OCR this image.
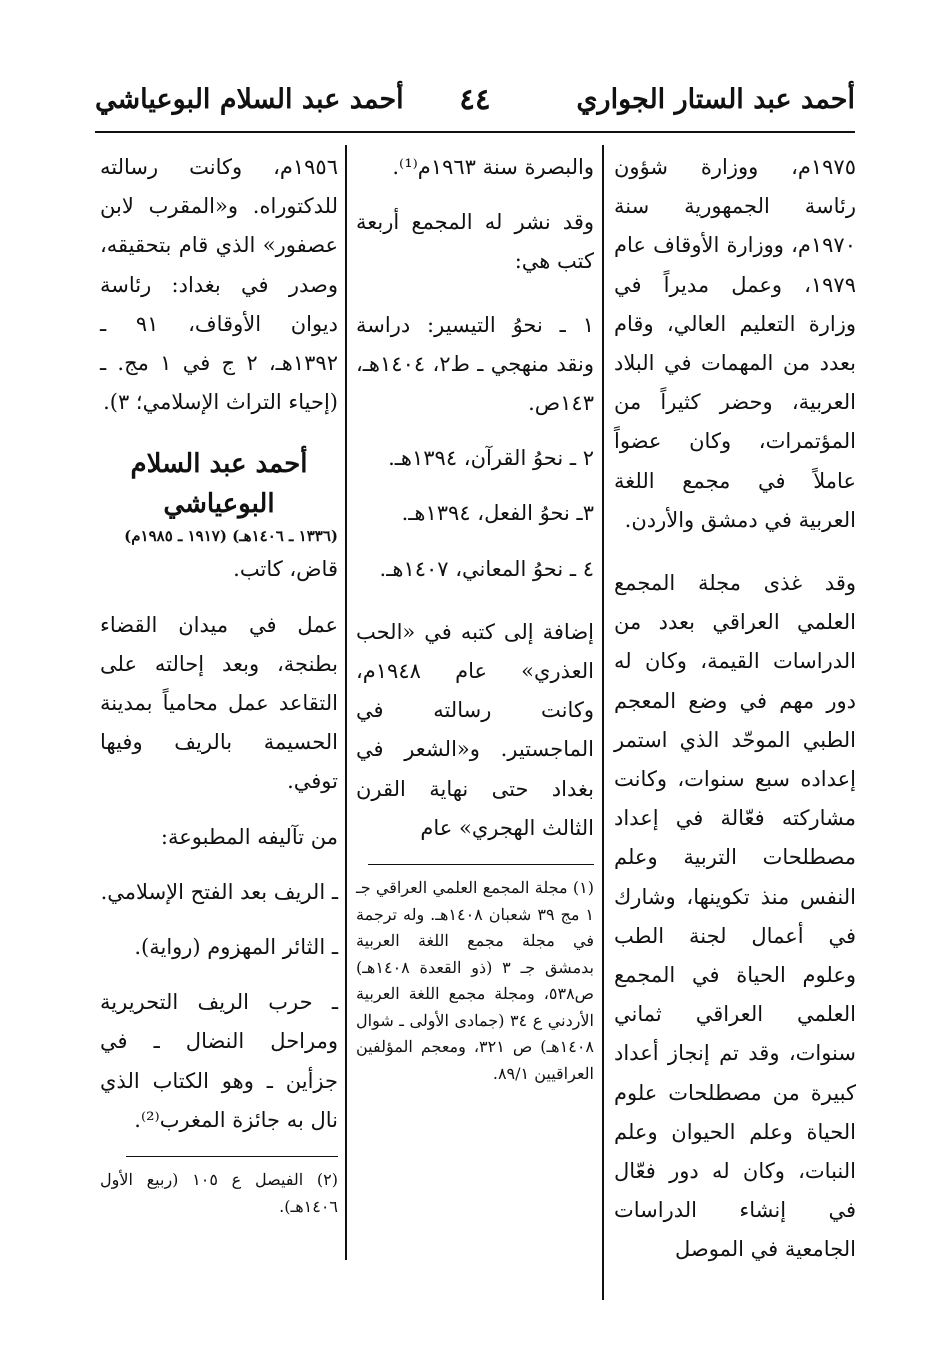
أحمد عبد الستار الجواري
٤٤
أحمد عبد السلام البوعياشي

١٩٧٥م، ووزارة شؤون رئاسة الجمهورية سنة ١٩٧٠م، ووزارة الأوقاف عام ١٩٧٩، وعمل مديراً في وزارة التعليم العالي، وقام بعدد من المهمات في البلاد العربية، وحضر كثيراً من المؤتمرات، وكان عضواً عاملاً في مجمع اللغة العربية في دمشق والأردن.

وقد غذى مجلة المجمع العلمي العراقي بعدد من الدراسات القيمة، وكان له دور مهم في وضع المعجم الطبي الموحّد الذي استمر إعداده سبع سنوات، وكانت مشاركته فعّالة في إعداد مصطلحات التربية وعلم النفس منذ تكوينها، وشارك في أعمال لجنة الطب وعلوم الحياة في المجمع العلمي العراقي ثماني سنوات، وقد تم إنجاز أعداد كبيرة من مصطلحات علوم الحياة وعلم الحيوان وعلم النبات، وكان له دور فعّال في إنشاء الدراسات الجامعية في الموصل

والبصرة سنة ١٩٦٣م⁽¹⁾.

وقد نشر له المجمع أربعة كتب هي:

١ ـ نحوُ التيسير: دراسة ونقد منهجي ـ ط٢، ١٤٠٤هـ، ١٤٣ص.

٢ ـ نحوُ القرآن، ١٣٩٤هـ.

٣ـ نحوُ الفعل، ١٣٩٤هـ.

٤ ـ نحوُ المعاني، ١٤٠٧هـ.

إضافة إلى كتبه في «الحب العذري» عام ١٩٤٨م، وكانت رسالته في الماجستير. و«الشعر في بغداد حتى نهاية القرن الثالث الهجري» عام

(١) مجلة المجمع العلمي العراقي جـ ١ مج ٣٩ شعبان ١٤٠٨هـ. وله ترجمة في مجلة مجمع اللغة العربية بدمشق جـ ٣ (ذو القعدة ١٤٠٨هـ) ص٥٣٨، ومجلة مجمع اللغة العربية الأردني ع ٣٤ (جمادى الأولى ـ شوال ١٤٠٨هـ) ص ٣٢١، ومعجم المؤلفين العراقيين ٨٩/١.

١٩٥٦م، وكانت رسالته للدكتوراه. و«المقرب لابن عصفور» الذي قام بتحقيقه، وصدر في بغداد: رئاسة ديوان الأوقاف، ٩١ ـ ١٣٩٢هـ، ٢ ج في ١ مج. ـ (إحياء التراث الإسلامي؛ ٣).

أحمد عبد السلام البوعياشي
(١٣٣٦ ـ ١٤٠٦هـ) (١٩١٧ ـ ١٩٨٥م)

قاض، كاتب.

عمل في ميدان القضاء بطنجة، وبعد إحالته على التقاعد عمل محامياً بمدينة الحسيمة بالريف وفيها توفي.

من تآليفه المطبوعة:

ـ الريف بعد الفتح الإسلامي.

ـ الثائر المهزوم (رواية).

ـ حرب الريف التحريرية ومراحل النضال ـ في جزأين ـ وهو الكتاب الذي نال به جائزة المغرب⁽²⁾.

(٢) الفيصل ع ١٠٥ (ربيع الأول ١٤٠٦هـ).
